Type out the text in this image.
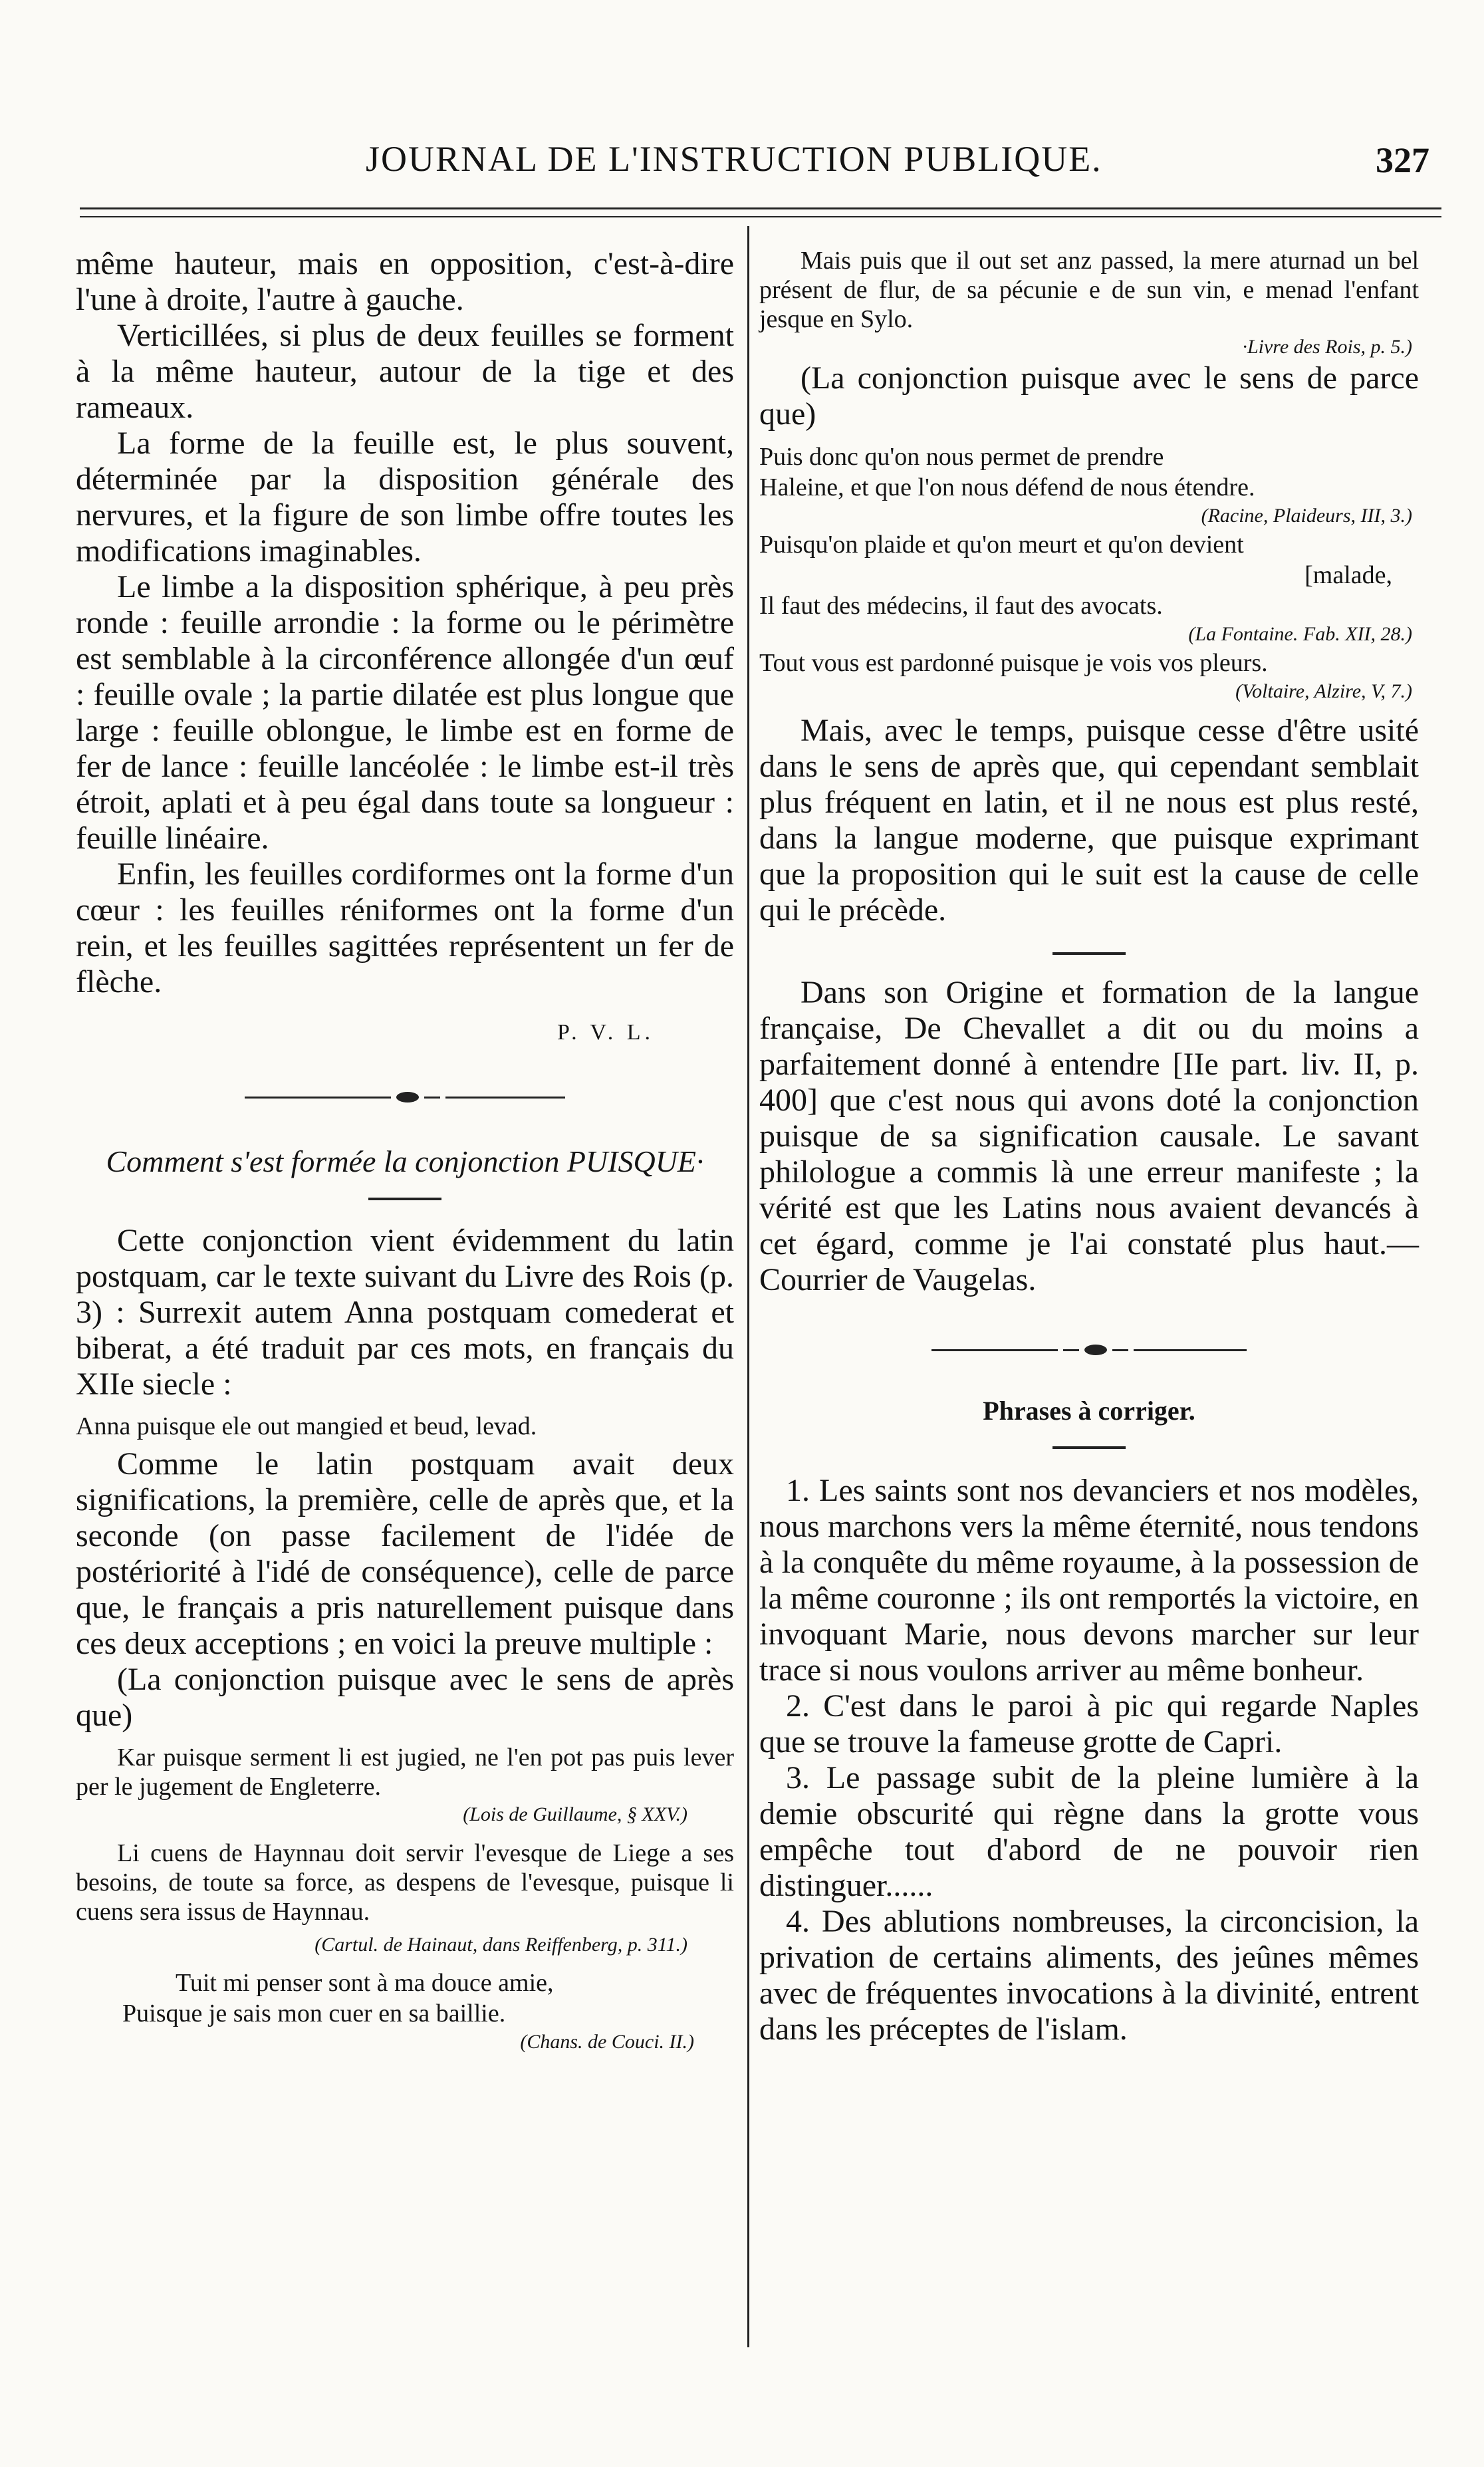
JOURNAL DE L'INSTRUCTION PUBLIQUE.	327

même hauteur, mais en opposition, c'est-à-dire l'une à droite, l'autre à gauche.

Verticillées, si plus de deux feuilles se forment à la même hauteur, autour de la tige et des rameaux.

La forme de la feuille est, le plus souvent, déterminée par la disposition générale des nervures, et la figure de son limbe offre toutes les modifications imaginables.

Le limbe a la disposition sphérique, à peu près ronde : feuille arrondie : la forme ou le périmètre est semblable à la circonférence allongée d'un œuf : feuille ovale ; la partie dilatée est plus longue que large : feuille oblongue, le limbe est en forme de fer de lance : feuille lancéolée : le limbe est-il très étroit, aplati et à peu égal dans toute sa longueur : feuille linéaire.

Enfin, les feuilles cordiformes ont la forme d'un cœur : les feuilles réniformes ont la forme d'un rein, et les feuilles sagittées représentent un fer de flèche.

P. V. L.

Comment s'est formée la conjonction PUISQUE·

Cette conjonction vient évidemment du latin postquam, car le texte suivant du Livre des Rois (p. 3) : Surrexit autem Anna postquam comederat et biberat, a été traduit par ces mots, en français du XIIe siecle :

Anna puisque ele out mangied et beud, levad.

Comme le latin postquam avait deux significations, la première, celle de après que, et la seconde (on passe facilement de l'idée de postériorité à l'idé de conséquence), celle de parce que, le français a pris naturellement puisque dans ces deux acceptions ; en voici la preuve multiple :

(La conjonction puisque avec le sens de après que)

Kar puisque serment li est jugied, ne l'en pot pas puis lever per le jugement de Engleterre.

(Lois de Guillaume, § XXV.)

Li cuens de Haynnau doit servir l'evesque de Liege a ses besoins, de toute sa force, as despens de l'evesque, puisque li cuens sera issus de Haynnau.

(Cartul. de Hainaut, dans Reiffenberg, p. 311.)

Tuit mi penser sont à ma douce amie,

Puisque je sais mon cuer en sa baillie.

(Chans. de Couci. II.)

Mais puis que il out set anz passed, la mere aturnad un bel présent de flur, de sa pécunie e de sun vin, e menad l'enfant jesque en Sylo.

·Livre des Rois, p. 5.)

(La conjonction puisque avec le sens de parce que)

Puis donc qu'on nous permet de prendre

Haleine, et que l'on nous défend de nous étendre.

(Racine, Plaideurs, III, 3.)

Puisqu'on plaide et qu'on meurt et qu'on devient

[malade,

Il faut des médecins, il faut des avocats.

(La Fontaine. Fab. XII, 28.)

Tout vous est pardonné puisque je vois vos pleurs.

(Voltaire, Alzire, V, 7.)

Mais, avec le temps, puisque cesse d'être usité dans le sens de après que, qui cependant semblait plus fréquent en latin, et il ne nous est plus resté, dans la langue moderne, que puisque exprimant que la proposition qui le suit est la cause de celle qui le précède.

Dans son Origine et formation de la langue française, De Chevallet a dit ou du moins a parfaitement donné à entendre [IIe part. liv. II, p. 400] que c'est nous qui avons doté la conjonction puisque de sa signification causale. Le savant philologue a commis là une erreur manifeste ; la vérité est que les Latins nous avaient devancés à cet égard, comme je l'ai constaté plus haut.—Courrier de Vaugelas.

Phrases à corriger.

1. Les saints sont nos devanciers et nos modèles, nous marchons vers la même éternité, nous tendons à la conquête du même royaume, à la possession de la même couronne ; ils ont remportés la victoire, en invoquant Marie, nous devons marcher sur leur trace si nous voulons arriver au même bonheur.

2. C'est dans le paroi à pic qui regarde Naples que se trouve la fameuse grotte de Capri.

3. Le passage subit de la pleine lumière à la demie obscurité qui règne dans la grotte vous empêche tout d'abord de ne pouvoir rien distinguer......

4. Des ablutions nombreuses, la circoncision, la privation de certains aliments, des jeûnes mêmes avec de fréquentes invocations à la divinité, entrent dans les préceptes de l'islam.
